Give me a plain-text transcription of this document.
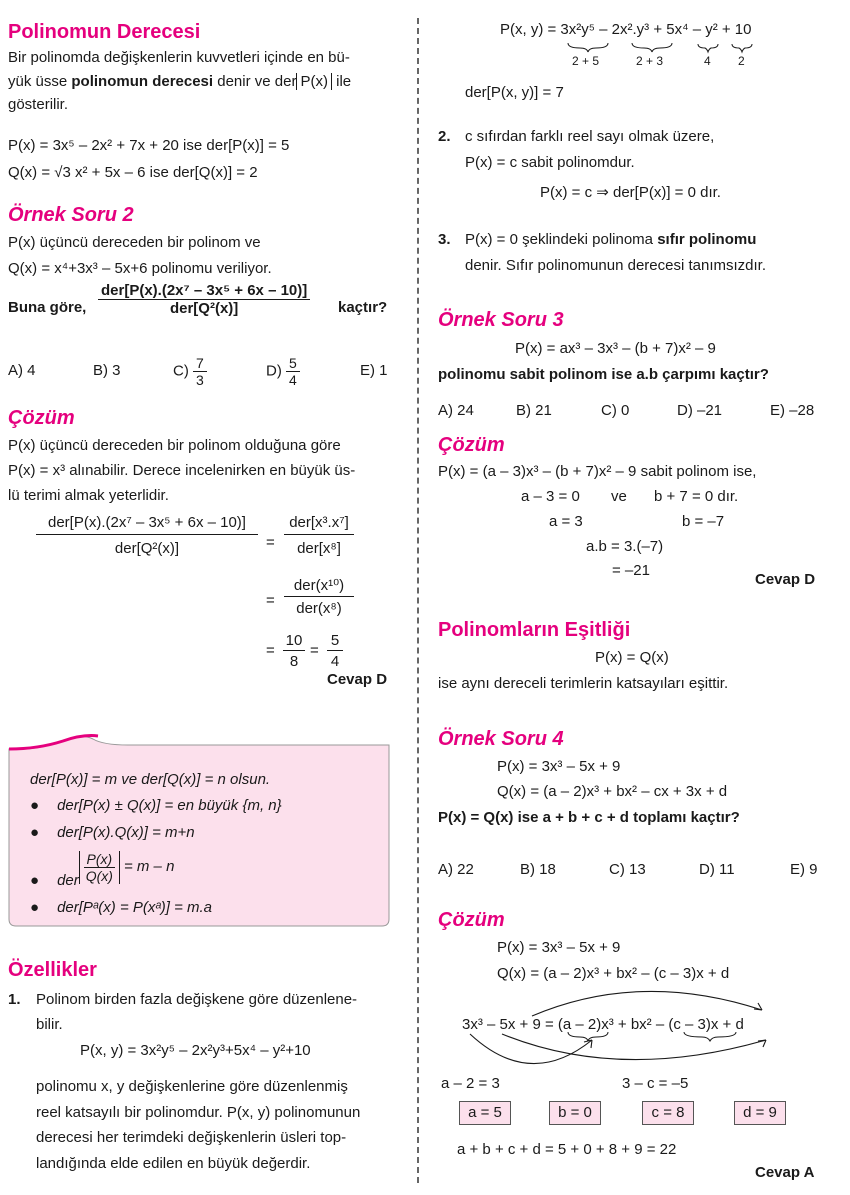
Polinomun Derecesi
Bir polinomda değişkenlerin kuvvetleri içinde en bü-
yük üsse polinomun derecesi denir ve der P(x) ile
gösterilir.
P(x) = 3x⁵ – 2x² + 7x + 20 ise der[P(x)] = 5
Q(x) = √3 x² + 5x – 6 ise der[Q(x)] = 2
Örnek Soru 2
P(x) üçüncü dereceden bir polinom ve
Q(x) = x⁴+3x³ – 5x+6 polinomu veriliyor.
Buna göre, $\frac{\text{der[P(x).(2x⁷ – 3x⁵ + 6x – 10)]}}{\text{der[Q²(x)]}}$ kaçtır?
A) 4	B) 3	$C) \frac{7}{3}$	$D) \frac{5}{4}$	E) 1
Çözüm
P(x) üçüncü dereceden bir polinom olduğuna göre
P(x) = x³ alınabilir. Derece incelenirken en büyük üs-
lü terimi almak yeterlidir.
der[P(x).(2x⁷ – 3x⁵ + 6x – 10)]
der[Q²(x)]	=
der[x³.x⁷]
der[x⁸]
=
der(x¹⁰)
der(x⁸)
=
10
8
=
5
4
Cevap D
der[P(x)] = m ve der[Q(x)] = n olsun.
● der[P(x) ± Q(x)] = en büyük {m, n}
● der[P(x).Q(x)] = m+n
● der $\frac{P(x)}{Q(x)} = m - n$
● der[Pᵃ(x) = P(xᵃ)] = m.a
Özellikler
1. Polinom birden fazla değişkene göre düzenlene-
bilir.
P(x, y) = 3x²y⁵ – 2x²y³+5x⁴ – y²+10
polinomu x, y değişkenlerine göre düzenlenmiş
reel katsayılı bir polinomdur. P(x, y) polinomunun
derecesi her terimdeki değişkenlerin üsleri top-
landığında elde edilen en büyük değerdir.
P(x, y) = 3x²y⁵ – 2x².y³ + 5x⁴ – y² + 10
2 + 5	2 + 3	4 2
der[P(x, y)] = 7
2. c sıfırdan farklı reel sayı olmak üzere,
P(x) = c sabit polinomdur.
P(x) = c ⇒ der[P(x)] = 0 dır.
3. P(x) = 0 şeklindeki polinoma sıfır polinomu
denir. Sıfır polinomunun derecesi tanımsızdır.
Örnek Soru 3
P(x) = ax³ – 3x³ – (b + 7)x² – 9
polinomu sabit polinom ise a.b çarpımı kaçtır?
A) 24	B) 21	C) 0	D) –21	E) –28
Çözüm
P(x) = (a – 3)x³ – (b + 7)x² – 9 sabit polinom ise,
a – 3 = 0 ve b + 7 = 0 dır.
a = 3	b = –7
a.b = 3.(–7)
= –21
Cevap D
Polinomların Eşitliği
P(x) = Q(x)
ise aynı dereceli terimlerin katsayıları eşittir.
Örnek Soru 4
P(x) = 3x³ – 5x + 9
Q(x) = (a – 2)x³ + bx² – cx + 3x + d
P(x) = Q(x) ise a + b + c + d toplamı kaçtır?
A) 22	B) 18	C) 13	D) 11	E) 9
Çözüm
P(x) = 3x³ – 5x + 9
Q(x) = (a – 2)x³ + bx² – (c – 3)x + d
3x³ – 5x + 9 = (a – 2)x³ + bx² – (c – 3)x + d
a – 2 = 3	3 – c = –5
a = 5	b = 0	c = 8	d = 9
a + b + c + d = 5 + 0 + 8 + 9 = 22
Cevap A
